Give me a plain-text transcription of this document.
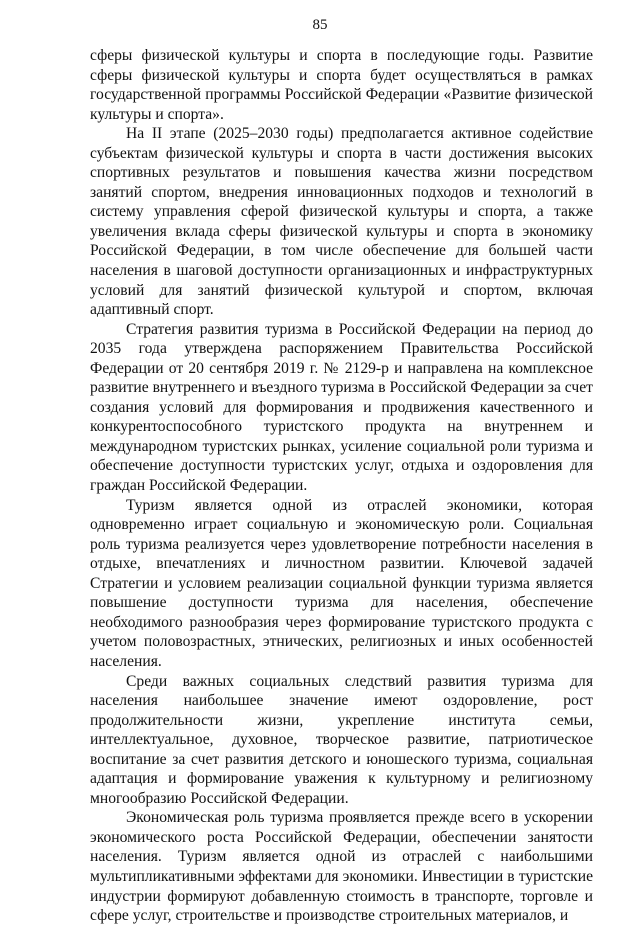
85

сферы физической культуры и спорта в последующие годы. Развитие сферы физической культуры и спорта будет осуществляться в рамках государственной программы Российской Федерации «Развитие физической культуры и спорта».

На II этапе (2025–2030 годы) предполагается активное содействие субъектам физической культуры и спорта в части достижения высоких спортивных результатов и повышения качества жизни посредством занятий спортом, внедрения инновационных подходов и технологий в систему управления сферой физической культуры и спорта, а также увеличения вклада сферы физической культуры и спорта в экономику Российской Федерации, в том числе обеспечение для большей части населения в шаговой доступности организационных и инфраструктурных условий для занятий физической культурой и спортом, включая адаптивный спорт.

Стратегия развития туризма в Российской Федерации на период до 2035 года утверждена распоряжением Правительства Российской Федерации от 20 сентября 2019 г. № 2129-р и направлена на комплексное развитие внутреннего и въездного туризма в Российской Федерации за счет создания условий для формирования и продвижения качественного и конкурентоспособного туристского продукта на внутреннем и международном туристских рынках, усиление социальной роли туризма и обеспечение доступности туристских услуг, отдыха и оздоровления для граждан Российской Федерации.

Туризм является одной из отраслей экономики, которая одновременно играет социальную и экономическую роли. Социальная роль туризма реализуется через удовлетворение потребности населения в отдыхе, впечатлениях и личностном развитии. Ключевой задачей Стратегии и условием реализации социальной функции туризма является повышение доступности туризма для населения, обеспечение необходимого разнообразия через формирование туристского продукта с учетом половозрастных, этнических, религиозных и иных особенностей населения.

Среди важных социальных следствий развития туризма для населения наибольшее значение имеют оздоровление, рост продолжительности жизни, укрепление института семьи, интеллектуальное, духовное, творческое развитие, патриотическое воспитание за счет развития детского и юношеского туризма, социальная адаптация и формирование уважения к культурному и религиозному многообразию Российской Федерации.

Экономическая роль туризма проявляется прежде всего в ускорении экономического роста Российской Федерации, обеспечении занятости населения. Туризм является одной из отраслей с наибольшими мультипликативными эффектами для экономики. Инвестиции в туристские индустрии формируют добавленную стоимость в транспорте, торговле и сфере услуг, строительстве и производстве строительных материалов, и
